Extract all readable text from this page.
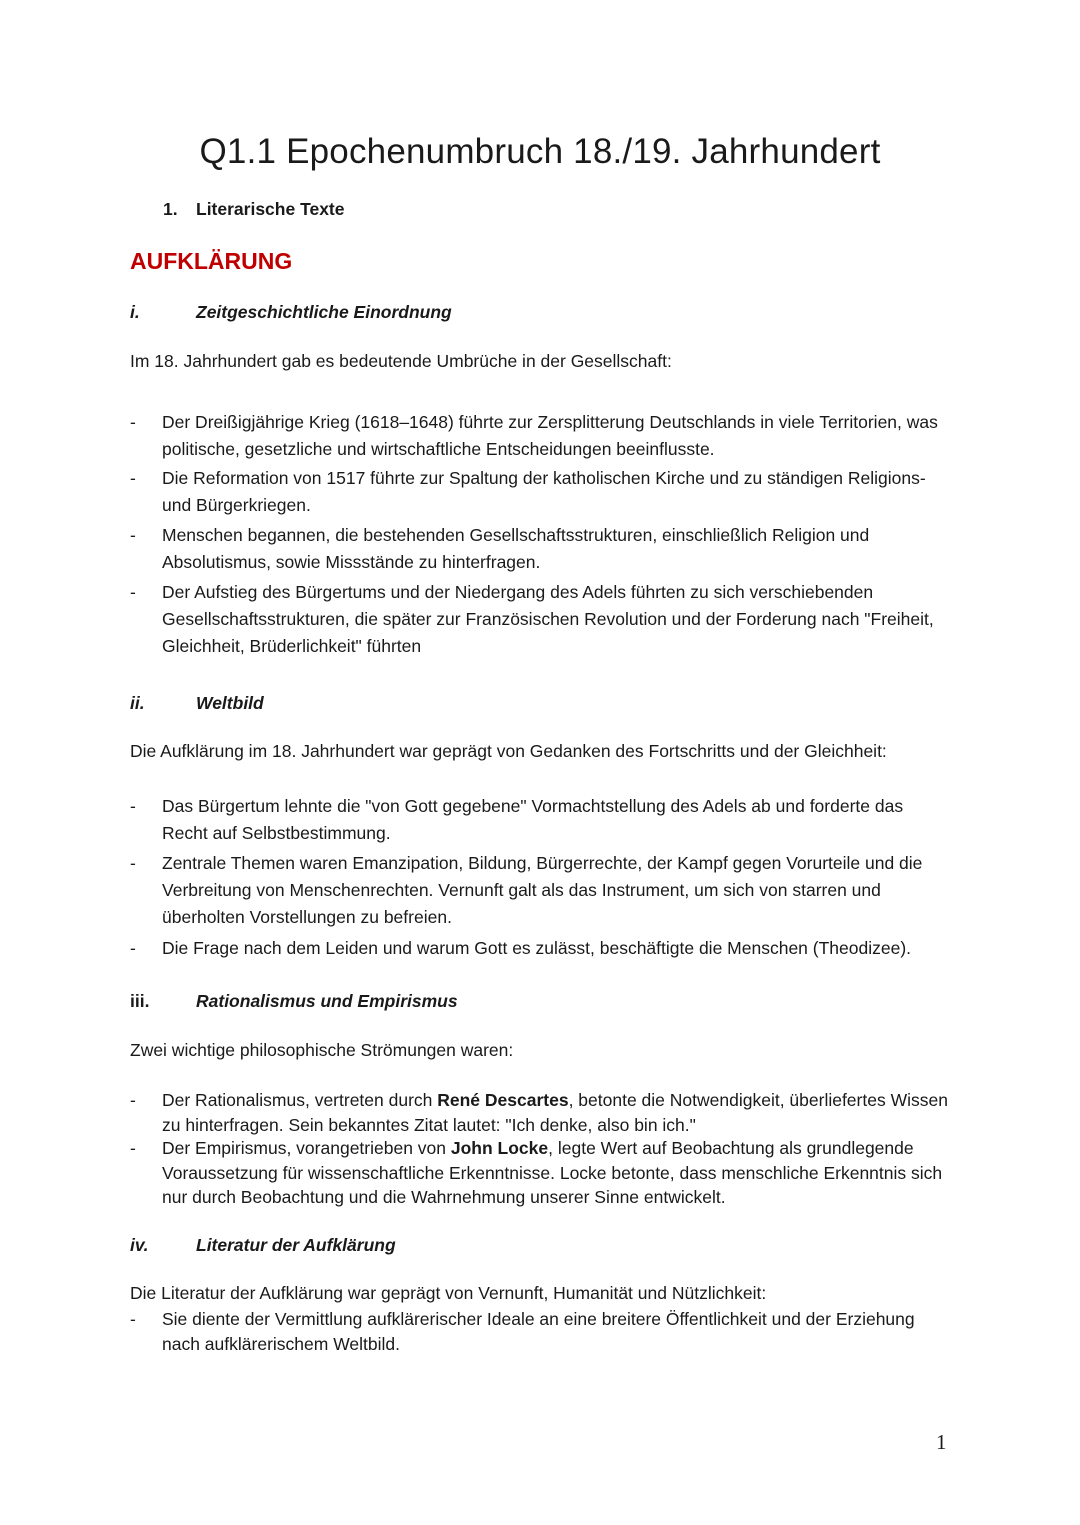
Q1.1 Epochenumbruch 18./19. Jahrhundert
1. Literarische Texte
AUFKLÄRUNG
i.	Zeitgeschichtliche Einordnung
Im 18. Jahrhundert gab es bedeutende Umbrüche in der Gesellschaft:
- Der Dreißigjährige Krieg (1618–1648) führte zur Zersplitterung Deutschlands in viele Territorien, was politische, gesetzliche und wirtschaftliche Entscheidungen beeinflusste.
- Die Reformation von 1517 führte zur Spaltung der katholischen Kirche und zu ständigen Religions- und Bürgerkriegen.
- Menschen begannen, die bestehenden Gesellschaftsstrukturen, einschließlich Religion und Absolutismus, sowie Missstände zu hinterfragen.
- Der Aufstieg des Bürgertums und der Niedergang des Adels führten zu sich verschiebenden Gesellschaftsstrukturen, die später zur Französischen Revolution und der Forderung nach "Freiheit, Gleichheit, Brüderlichkeit" führten
ii.	Weltbild
Die Aufklärung im 18. Jahrhundert war geprägt von Gedanken des Fortschritts und der Gleichheit:
- Das Bürgertum lehnte die "von Gott gegebene" Vormachtstellung des Adels ab und forderte das Recht auf Selbstbestimmung.
- Zentrale Themen waren Emanzipation, Bildung, Bürgerrechte, der Kampf gegen Vorurteile und die Verbreitung von Menschenrechten. Vernunft galt als das Instrument, um sich von starren und überholten Vorstellungen zu befreien.
- Die Frage nach dem Leiden und warum Gott es zulässt, beschäftigte die Menschen (Theodizee).
iii.	Rationalismus und Empirismus
Zwei wichtige philosophische Strömungen waren:
- Der Rationalismus, vertreten durch René Descartes, betonte die Notwendigkeit, überliefertes Wissen zu hinterfragen. Sein bekanntes Zitat lautet: "Ich denke, also bin ich."
- Der Empirismus, vorangetrieben von John Locke, legte Wert auf Beobachtung als grundlegende Voraussetzung für wissenschaftliche Erkenntnisse. Locke betonte, dass menschliche Erkenntnis sich nur durch Beobachtung und die Wahrnehmung unserer Sinne entwickelt.
iv.	Literatur der Aufklärung
Die Literatur der Aufklärung war geprägt von Vernunft, Humanität und Nützlichkeit:
- Sie diente der Vermittlung aufklärerischer Ideale an eine breitere Öffentlichkeit und der Erziehung nach aufklärerischem Weltbild.
1
